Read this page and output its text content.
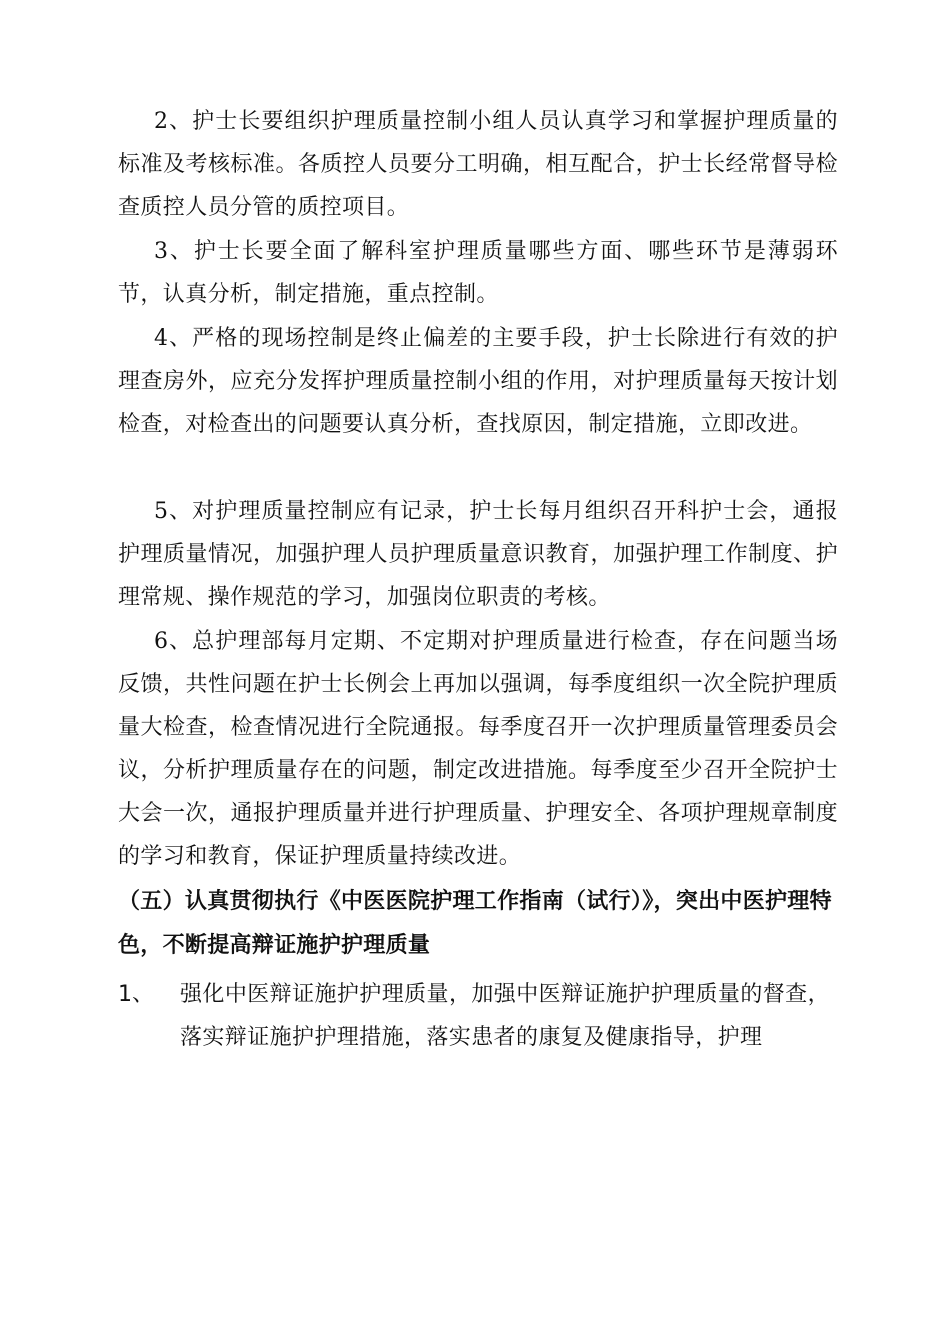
2、护士长要组织护理质量控制小组人员认真学习和掌握护理质量的标准及考核标准。各质控人员要分工明确，相互配合，护士长经常督导检查质控人员分管的质控项目。

3、护士长要全面了解科室护理质量哪些方面、哪些环节是薄弱环节，认真分析，制定措施，重点控制。

4、严格的现场控制是终止偏差的主要手段，护士长除进行有效的护理查房外，应充分发挥护理质量控制小组的作用，对护理质量每天按计划检查，对检查出的问题要认真分析，查找原因，制定措施，立即改进。

5、对护理质量控制应有记录，护士长每月组织召开科护士会，通报护理质量情况，加强护理人员护理质量意识教育，加强护理工作制度、护理常规、操作规范的学习，加强岗位职责的考核。

6、总护理部每月定期、不定期对护理质量进行检查，存在问题当场反馈，共性问题在护士长例会上再加以强调，每季度组织一次全院护理质量大检查，检查情况进行全院通报。每季度召开一次护理质量管理委员会议，分析护理质量存在的问题，制定改进措施。每季度至少召开全院护士大会一次，通报护理质量并进行护理质量、护理安全、各项护理规章制度的学习和教育，保证护理质量持续改进。

（五）认真贯彻执行《中医医院护理工作指南（试行）》，突出中医护理特色，不断提高辩证施护护理质量
1、 强化中医辩证施护护理质量，加强中医辩证施护护理质量的督查，落实辩证施护护理措施，落实患者的康复及健康指导，护理
